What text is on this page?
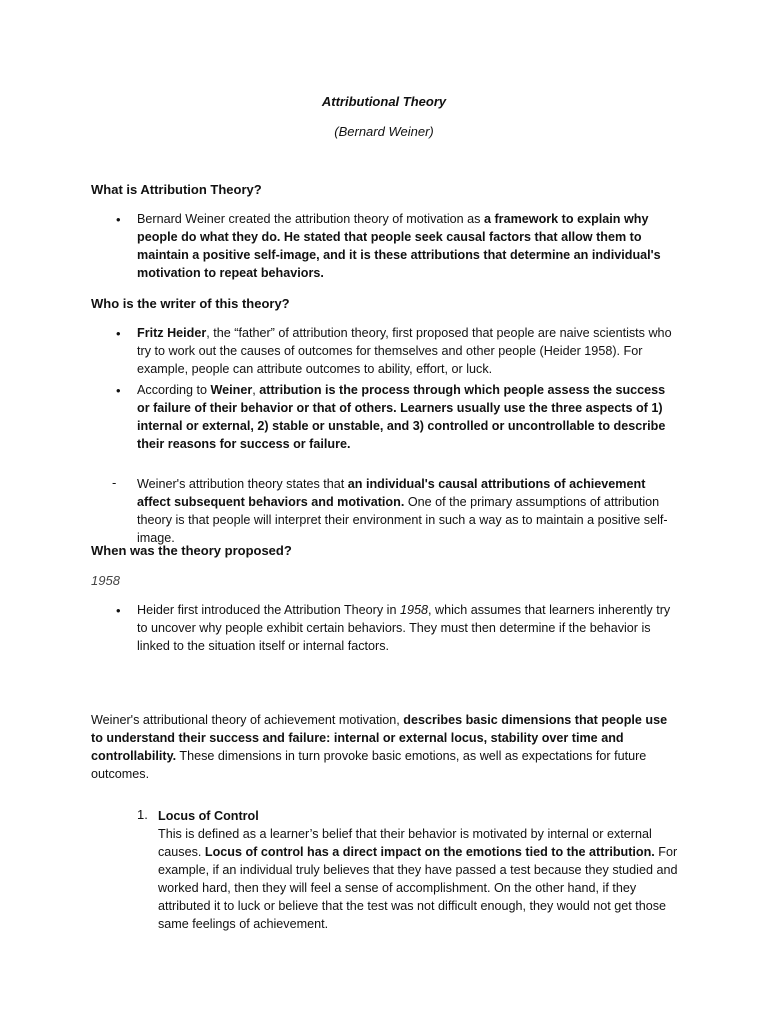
Attributional Theory
(Bernard Weiner)
What is Attribution Theory?
• Bernard Weiner created the attribution theory of motivation as a framework to explain why people do what they do. He stated that people seek causal factors that allow them to maintain a positive self-image, and it is these attributions that determine an individual's motivation to repeat behaviors.
Who is the writer of this theory?
• Fritz Heider, the “father” of attribution theory, first proposed that people are naive scientists who try to work out the causes of outcomes for themselves and other people (Heider 1958). For example, people can attribute outcomes to ability, effort, or luck.
• According to Weiner, attribution is the process through which people assess the success or failure of their behavior or that of others. Learners usually use the three aspects of 1) internal or external, 2) stable or unstable, and 3) controlled or uncontrollable to describe their reasons for success or failure.
- Weiner's attribution theory states that an individual's causal attributions of achievement affect subsequent behaviors and motivation. One of the primary assumptions of attribution theory is that people will interpret their environment in such a way as to maintain a positive self-image.
When was the theory proposed?
1958
• Heider first introduced the Attribution Theory in 1958, which assumes that learners inherently try to uncover why people exhibit certain behaviors. They must then determine if the behavior is linked to the situation itself or internal factors.
Weiner's attributional theory of achievement motivation, describes basic dimensions that people use to understand their success and failure: internal or external locus, stability over time and controllability. These dimensions in turn provoke basic emotions, as well as expectations for future outcomes.
1. Locus of Control
This is defined as a learner’s belief that their behavior is motivated by internal or external causes. Locus of control has a direct impact on the emotions tied to the attribution. For example, if an individual truly believes that they have passed a test because they studied and worked hard, then they will feel a sense of accomplishment. On the other hand, if they attributed it to luck or believe that the test was not difficult enough, they would not get those same feelings of achievement.
